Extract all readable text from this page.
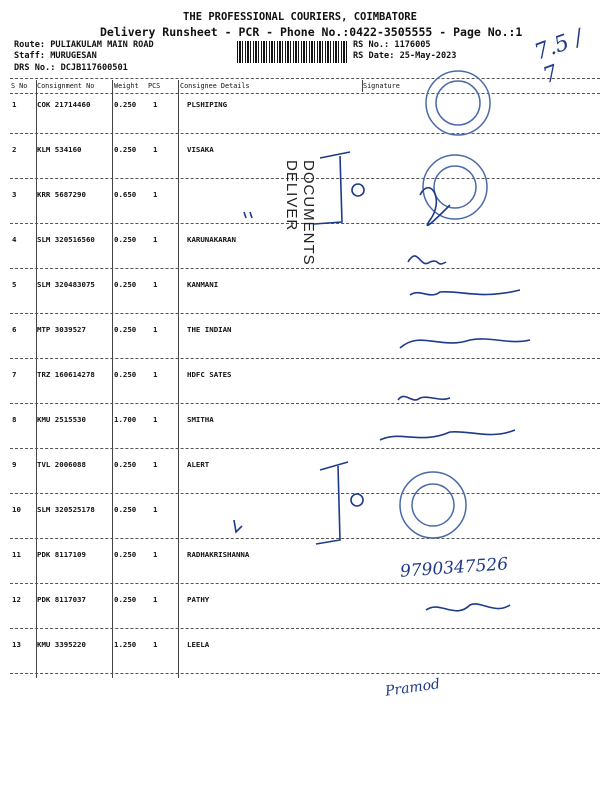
THE PROFESSIONAL COURIERS, COIMBATORE
Delivery Runsheet - PCR - Phone No.:0422-3505555 - Page No.:1
Route: PULIAKULAM MAIN ROAD
Staff: MURUGESAN
DRS No.: DCJB117600501
RS No.: 1176005
RS Date: 25-May-2023
S No Consignment No	Weight PCS	Consignee Details	Signature
1	COK 21714460	0.250 1	PLSHIPING
2	KLM 534160	0.250 1	VISAKA
3	KRR 5687290	0.650 1
4	SLM 320516560	0.250 1	KARUNAKARAN
5	SLM 320483075	0.250 1	KANMANI
6	MTP 3039527	0.250 1	THE INDIAN
7	TRZ 160614278	0.250 1	HDFC SATES
8	KMU 2515530	1.700 1	SMITHA
9	TVL 2006088	0.250 1	ALERT
10 SLM 320525178	0.250 1
11 PDK 8117109	0.250 1	RADHAKRISHANNA
12 PDK 8117037	0.250 1	PATHY
13 KMU 3395220	1.250 1	LEELA
DOCUMENTS DELIVER
7.5 / 7
9790347526
Pramod
